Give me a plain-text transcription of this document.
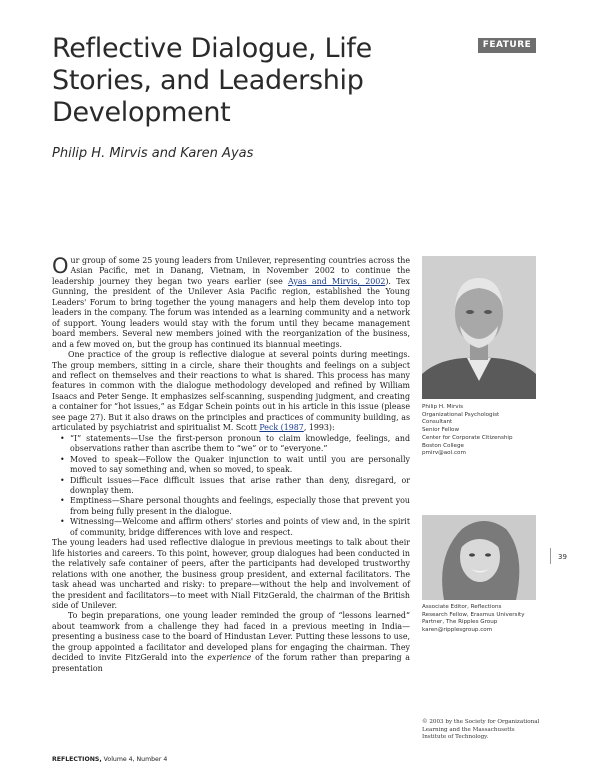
Reflective Dialogue, Life Stories, and Leadership Development
FEATURE

Philip H. Mirvis and Karen Ayas

Our group of some 25 young leaders from Unilever, representing countries across the Asian Pacific, met in Danang, Vietnam, in November 2002 to continue the leadership journey they began two years earlier (see Ayas and Mirvis, 2002). Tex Gunning, the president of the Unilever Asia Pacific region, established the Young Leaders' Forum to bring together the young managers and help them develop into top leaders in the company. The forum was intended as a learning community and a network of support. Young leaders would stay with the forum until they became management board members. Several new members joined with the reorganization of the business, and a few moved on, but the group has continued its biannual meetings.

One practice of the group is reflective dialogue at several points during meetings. The group members, sitting in a circle, share their thoughts and feelings on a subject and reflect on themselves and their reactions to what is shared. This process has many features in common with the dialogue methodology developed and refined by William Isaacs and Peter Senge. It emphasizes self-scanning, suspending judgment, and creating a container for “hot issues,” as Edgar Schein points out in his article in this issue (please see page 27). But it also draws on the principles and practices of community building, as articulated by psychiatrist and spiritualist M. Scott Peck (1987, 1993):

• “I” statements—Use the first-person pronoun to claim knowledge, feelings, and observations rather than ascribe them to “we” or to “everyone.”
• Moved to speak—Follow the Quaker injunction to wait until you are personally moved to say something and, when so moved, to speak.
• Difficult issues—Face difficult issues that arise rather than deny, disregard, or downplay them.
• Emptiness—Share personal thoughts and feelings, especially those that prevent you from being fully present in the dialogue.
• Witnessing—Welcome and affirm others' stories and points of view and, in the spirit of community, bridge differences with love and respect.

The young leaders had used reflective dialogue in previous meetings to talk about their life histories and careers. To this point, however, group dialogues had been conducted in the relatively safe container of peers, after the participants had developed trustworthy relations with one another, the business group president, and external facilitators. The task ahead was uncharted and risky: to prepare—without the help and involvement of the president and facilitators—to meet with Niall FitzGerald, the chairman of the British side of Unilever.

To begin preparations, one young leader reminded the group of “lessons learned” about teamwork from a challenge they had faced in a previous meeting in India—presenting a business case to the board of Hindustan Lever. Putting these lessons to use, the group appointed a facilitator and developed plans for engaging the chairman. They decided to invite FitzGerald into the experience of the forum rather than preparing a presentation

Philip H. Mirvis
Organizational Psychologist
Consultant
Senior Fellow
Center for Corporate Citizenship
Boston College
pmirv@aol.com
Associate Editor, Reflections
Research Fellow, Erasmus University
Partner, The Ripples Group
karen@ripplesgroup.com
39
© 2003 by the Society for Organizational Learning and the Massachusetts Institute of Technology.
REFLECTIONS, Volume 4, Number 4
